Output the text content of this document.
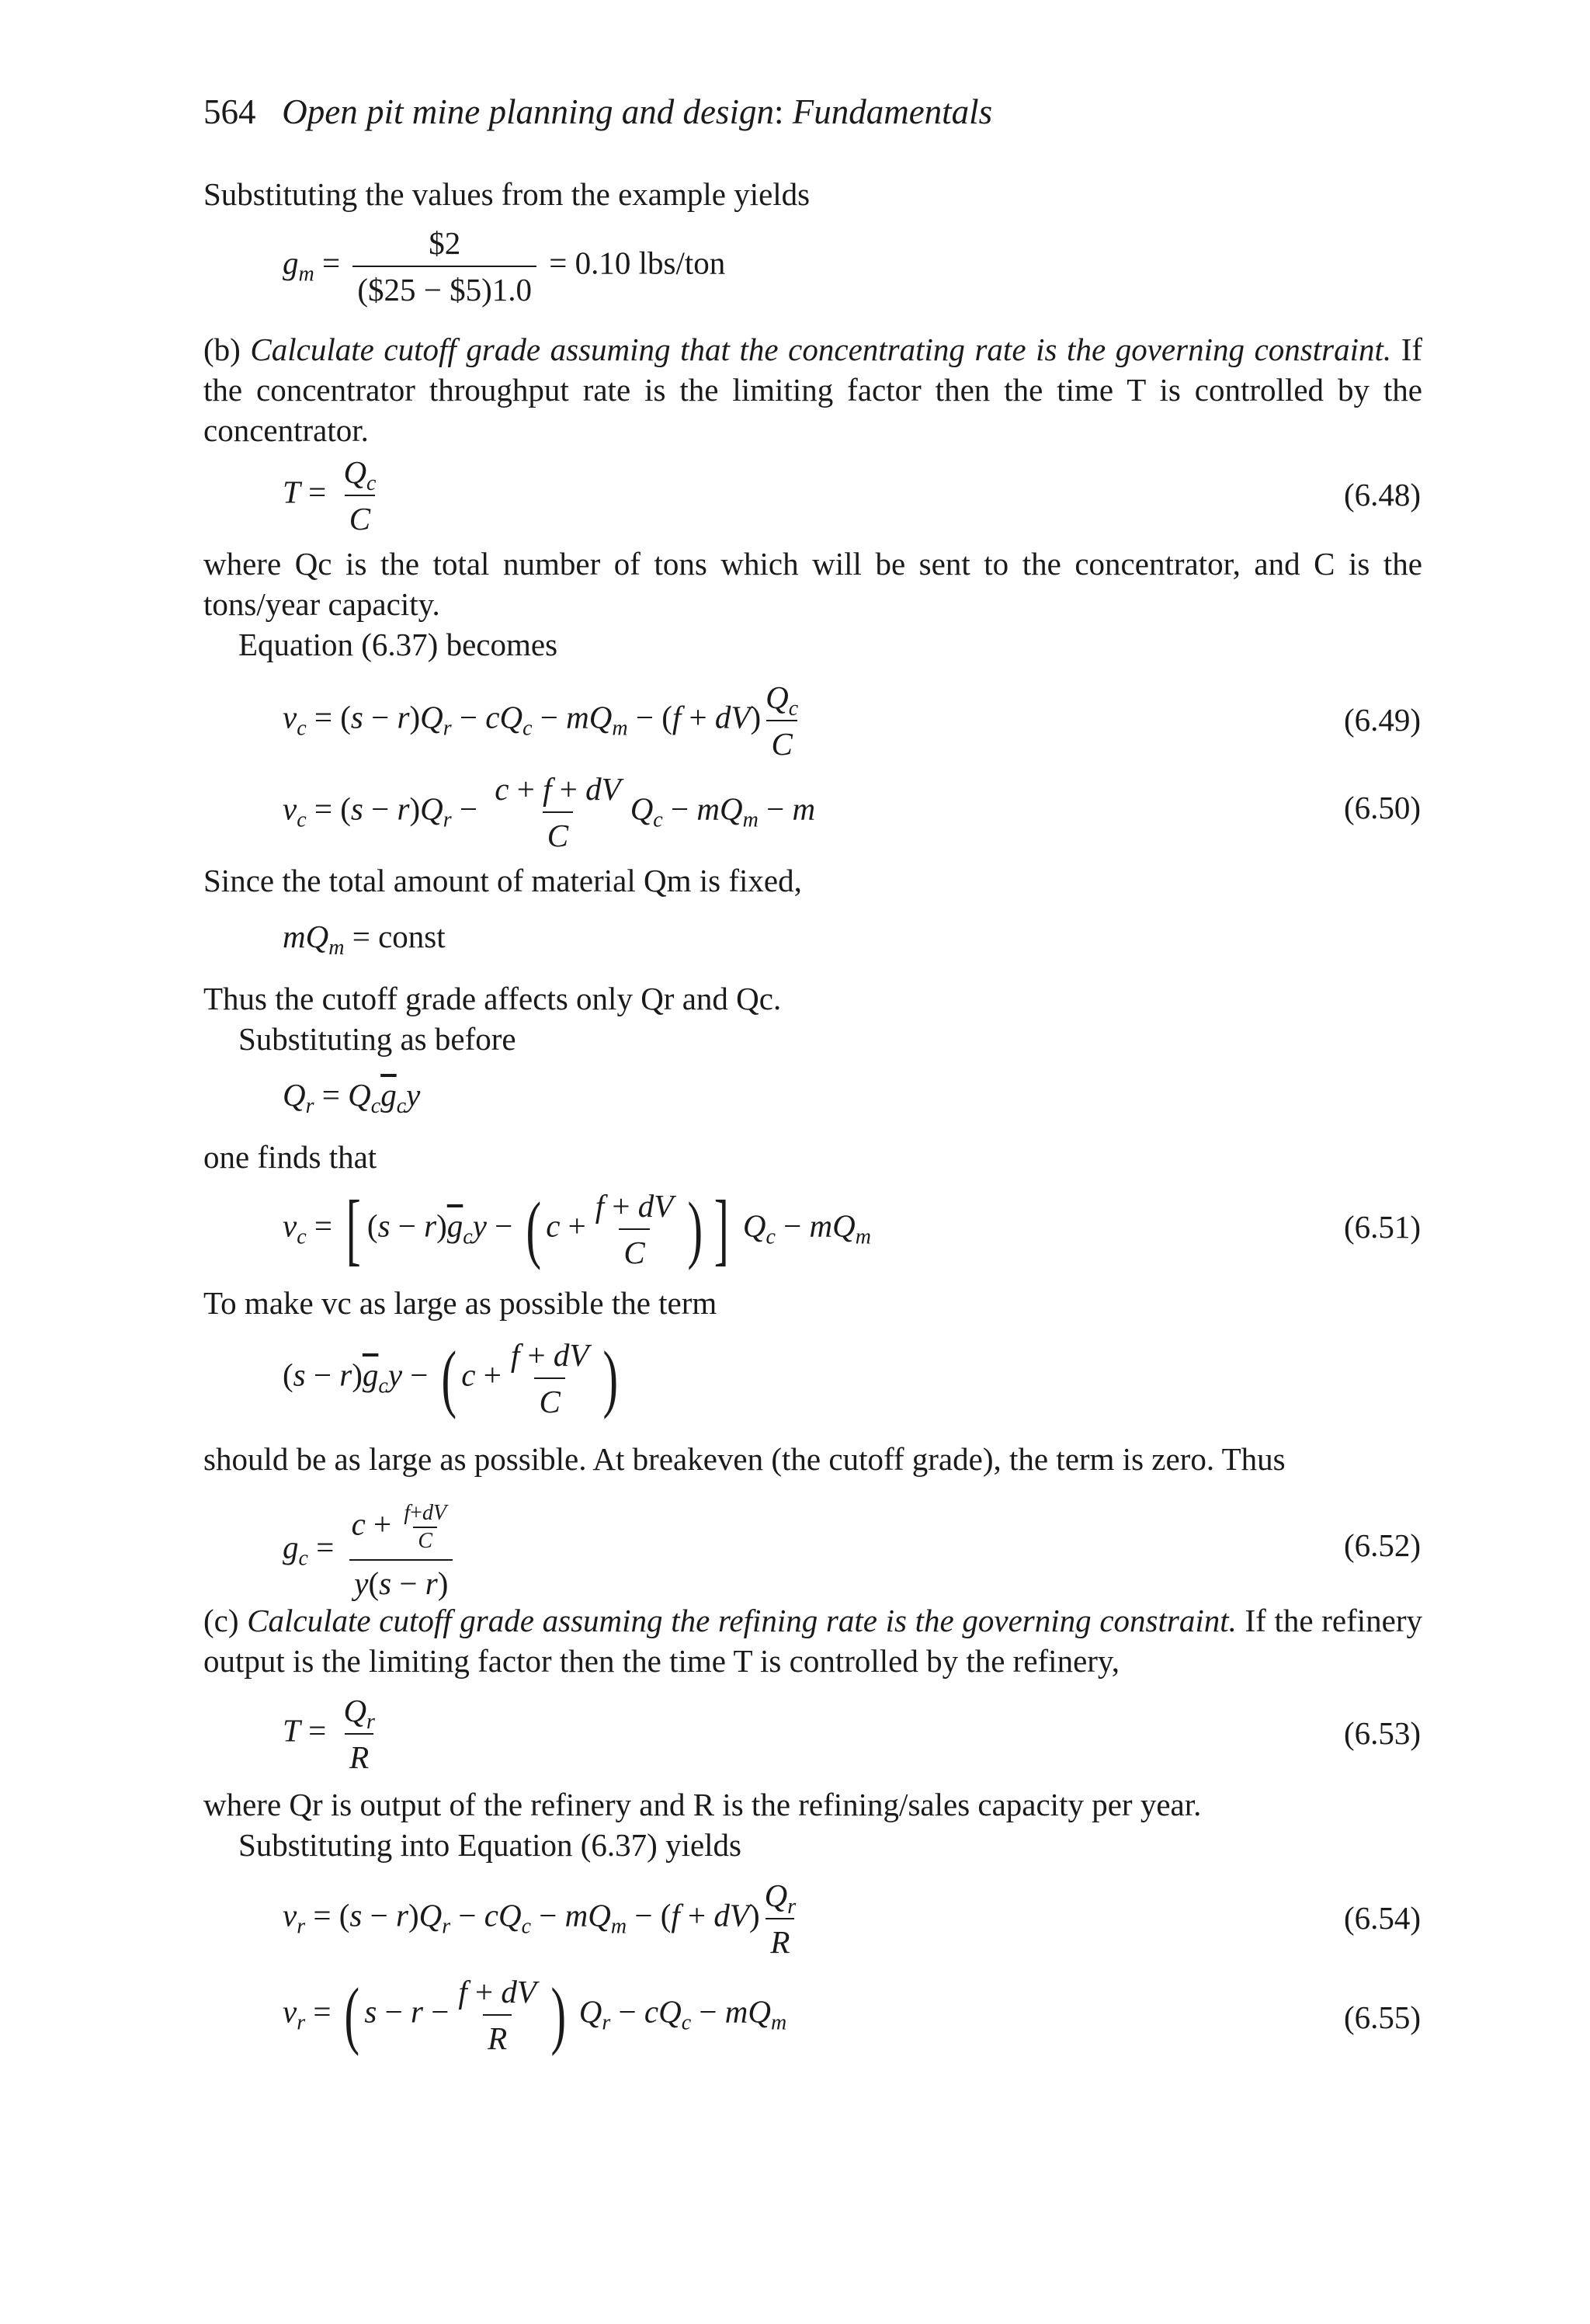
564 Open pit mine planning and design: Fundamentals
Substituting the values from the example yields
$g_m = \frac{\$2}{(\$25 - \$5)1.0} = 0.10$ lbs/ton
(b) Calculate cutoff grade assuming that the concentrating rate is the governing constraint. If the concentrator throughput rate is the limiting factor then the time T is controlled by the concentrator.
$T = \frac{Q_c}{C}$	(6.48)
where Qc is the total number of tons which will be sent to the concentrator, and C is the tons/year capacity.
Equation (6.37) becomes
$v_c = (s - r)Q_r - cQ_c - mQ_m - (f + dV) \frac{Q_c}{C}$	(6.49)
$v_c = (s - r)Q_r - \frac{c + f + dV}{C} Q_c - mQ_m - m$	(6.50)
Since the total amount of material Qm is fixed,
$mQ_m$ = const
Thus the cutoff grade affects only Qr and Qc.
Substituting as before
$Q_r = Q_c\overline{g}_cy$
one finds that
$v_c$ = [ $(s - r)\overline{g}_cy$ − ( $c + \frac{f + dV}{C}$ ) ] $Q_c - mQ_m$	(6.51)
To make vc as large as possible the term
$(s - r)\overline{g}_cy$ − ( $c + \frac{f + dV}{C}$ )
should be as large as possible. At breakeven (the cutoff grade), the term is zero. Thus
$g_c = \frac{c + \frac{f+dV}{C}}{y(s - r)}$	(6.52)
(c) Calculate cutoff grade assuming the refining rate is the governing constraint. If the refinery output is the limiting factor then the time T is controlled by the refinery,
$T = \frac{Q_r}{R}$	(6.53)
where Qr is output of the refinery and R is the refining/sales capacity per year.
Substituting into Equation (6.37) yields
$v_r = (s - r)Q_r - cQ_c - mQ_m - (f + dV) \frac{Q_r}{R}$	(6.54)
$v_r$ = ( $s - r - \frac{f + dV}{R}$ ) $Q_r - cQ_c - mQ_m$	(6.55)
